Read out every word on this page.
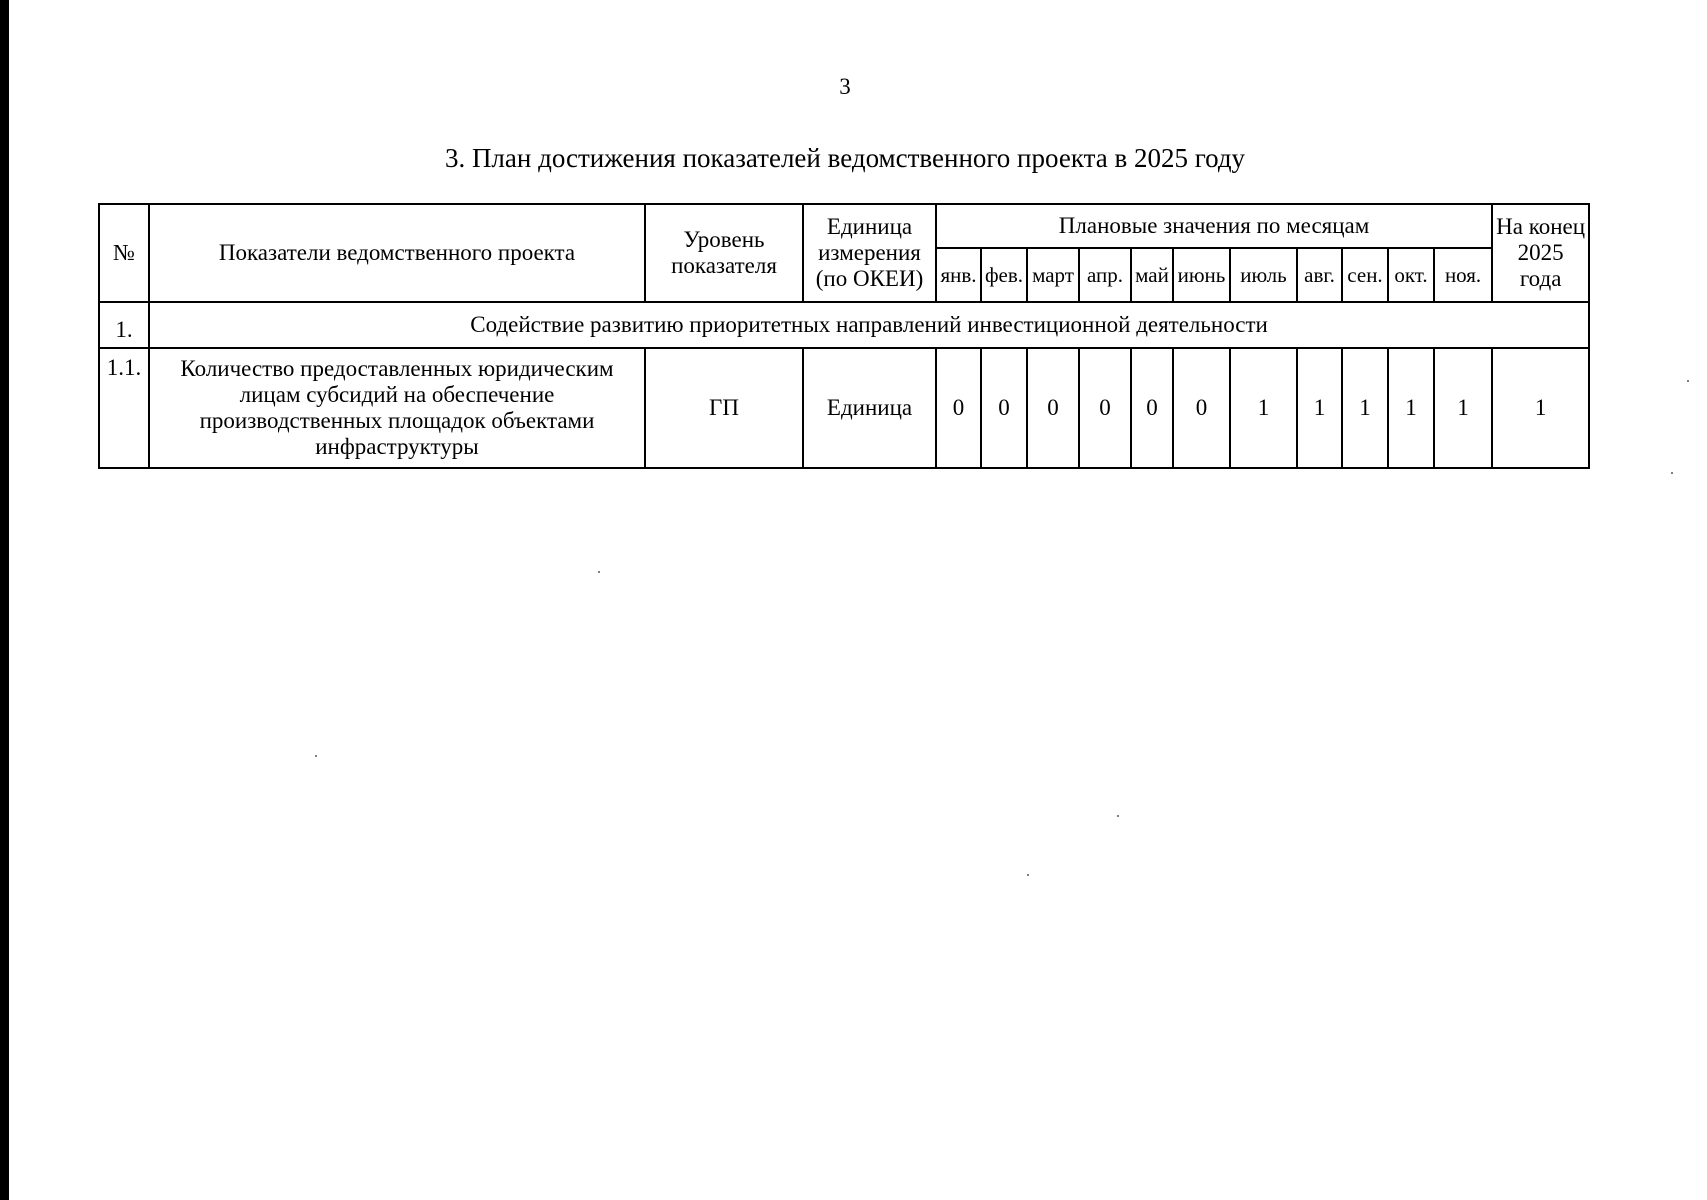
3
3. План достижения показателей ведомственного проекта в 2025 году
№	Показатели ведомственного проекта	Уровень показателя	Единица измерения (по ОКЕИ)	Плановые значения по месяцам											На конец 2025 года
				янв.	фев.	март	апр.	май	июнь	июль	авг.	сен.	окт.	ноя.	
1.	Содействие развитию приоритетных направлений инвестиционной деятельности														
1.1.	Количество предоставленных юридическим лицам субсидий на обеспечение производственных площадок объектами инфраструктуры	ГП	Единица	0	0	0	0	0	0	1	1	1	1	1	1
